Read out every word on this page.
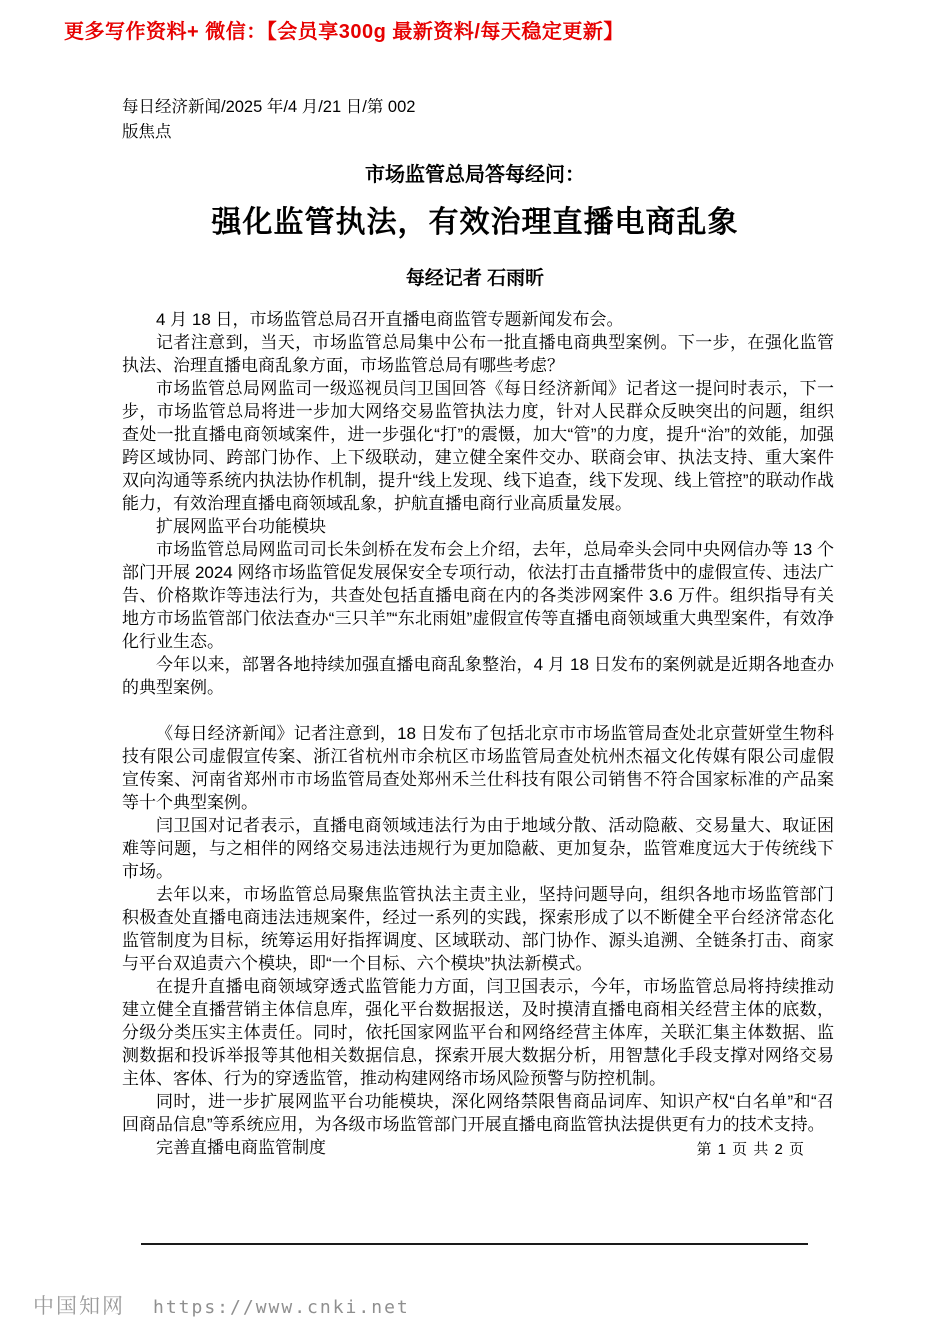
更多写作资料+ 微信：【会员享300g 最新资料/每天稳定更新】
每日经济新闻/2025 年/4 月/21 日/第 002
版焦点
市场监管总局答每经问：
强化监管执法，有效治理直播电商乱象
每经记者 石雨昕

4 月 18 日，市场监管总局召开直播电商监管专题新闻发布会。

记者注意到，当天，市场监管总局集中公布一批直播电商典型案例。下一步，在强化监管执法、治理直播电商乱象方面，市场监管总局有哪些考虑？

市场监管总局网监司一级巡视员闫卫国回答《每日经济新闻》记者这一提问时表示，下一步，市场监管总局将进一步加大网络交易监管执法力度，针对人民群众反映突出的问题，组织查处一批直播电商领域案件，进一步强化“打”的震慑，加大“管”的力度，提升“治”的效能，加强跨区域协同、跨部门协作、上下级联动，建立健全案件交办、联商会审、执法支持、重大案件双向沟通等系统内执法协作机制，提升“线上发现、线下追查，线下发现、线上管控”的联动作战能力，有效治理直播电商领域乱象，护航直播电商行业高质量发展。

扩展网监平台功能模块

市场监管总局网监司司长朱剑桥在发布会上介绍，去年，总局牵头会同中央网信办等 13 个部门开展 2024 网络市场监管促发展保安全专项行动，依法打击直播带货中的虚假宣传、违法广告、价格欺诈等违法行为，共查处包括直播电商在内的各类涉网案件 3.6 万件。组织指导有关地方市场监管部门依法查办“三只羊”“东北雨姐”虚假宣传等直播电商领域重大典型案件，有效净化行业生态。

今年以来，部署各地持续加强直播电商乱象整治，4 月 18 日发布的案例就是近期各地查办的典型案例。

《每日经济新闻》记者注意到，18 日发布了包括北京市市场监管局查处北京萱妍堂生物科技有限公司虚假宣传案、浙江省杭州市余杭区市场监管局查处杭州杰福文化传媒有限公司虚假宣传案、河南省郑州市市场监管局查处郑州禾兰仕科技有限公司销售不符合国家标准的产品案等十个典型案例。

闫卫国对记者表示，直播电商领域违法行为由于地域分散、活动隐蔽、交易量大、取证困难等问题，与之相伴的网络交易违法违规行为更加隐蔽、更加复杂，监管难度远大于传统线下市场。

去年以来，市场监管总局聚焦监管执法主责主业，坚持问题导向，组织各地市场监管部门积极查处直播电商违法违规案件，经过一系列的实践，探索形成了以不断健全平台经济常态化监管制度为目标，统筹运用好指挥调度、区域联动、部门协作、源头追溯、全链条打击、商家与平台双追责六个模块，即“一个目标、六个模块”执法新模式。

在提升直播电商领域穿透式监管能力方面，闫卫国表示，今年，市场监管总局将持续推动建立健全直播营销主体信息库，强化平台数据报送，及时摸清直播电商相关经营主体的底数，分级分类压实主体责任。同时，依托国家网监平台和网络经营主体库，关联汇集主体数据、监测数据和投诉举报等其他相关数据信息，探索开展大数据分析，用智慧化手段支撑对网络交易主体、客体、行为的穿透监管，推动构建网络市场风险预警与防控机制。

同时，进一步扩展网监平台功能模块，深化网络禁限售商品词库、知识产权“白名单”和“召回商品信息”等系统应用，为各级市场监管部门开展直播电商监管执法提供更有力的技术支持。

完善直播电商监管制度	第 1 页 共 2 页
中国知网 https://www.cnki.net
